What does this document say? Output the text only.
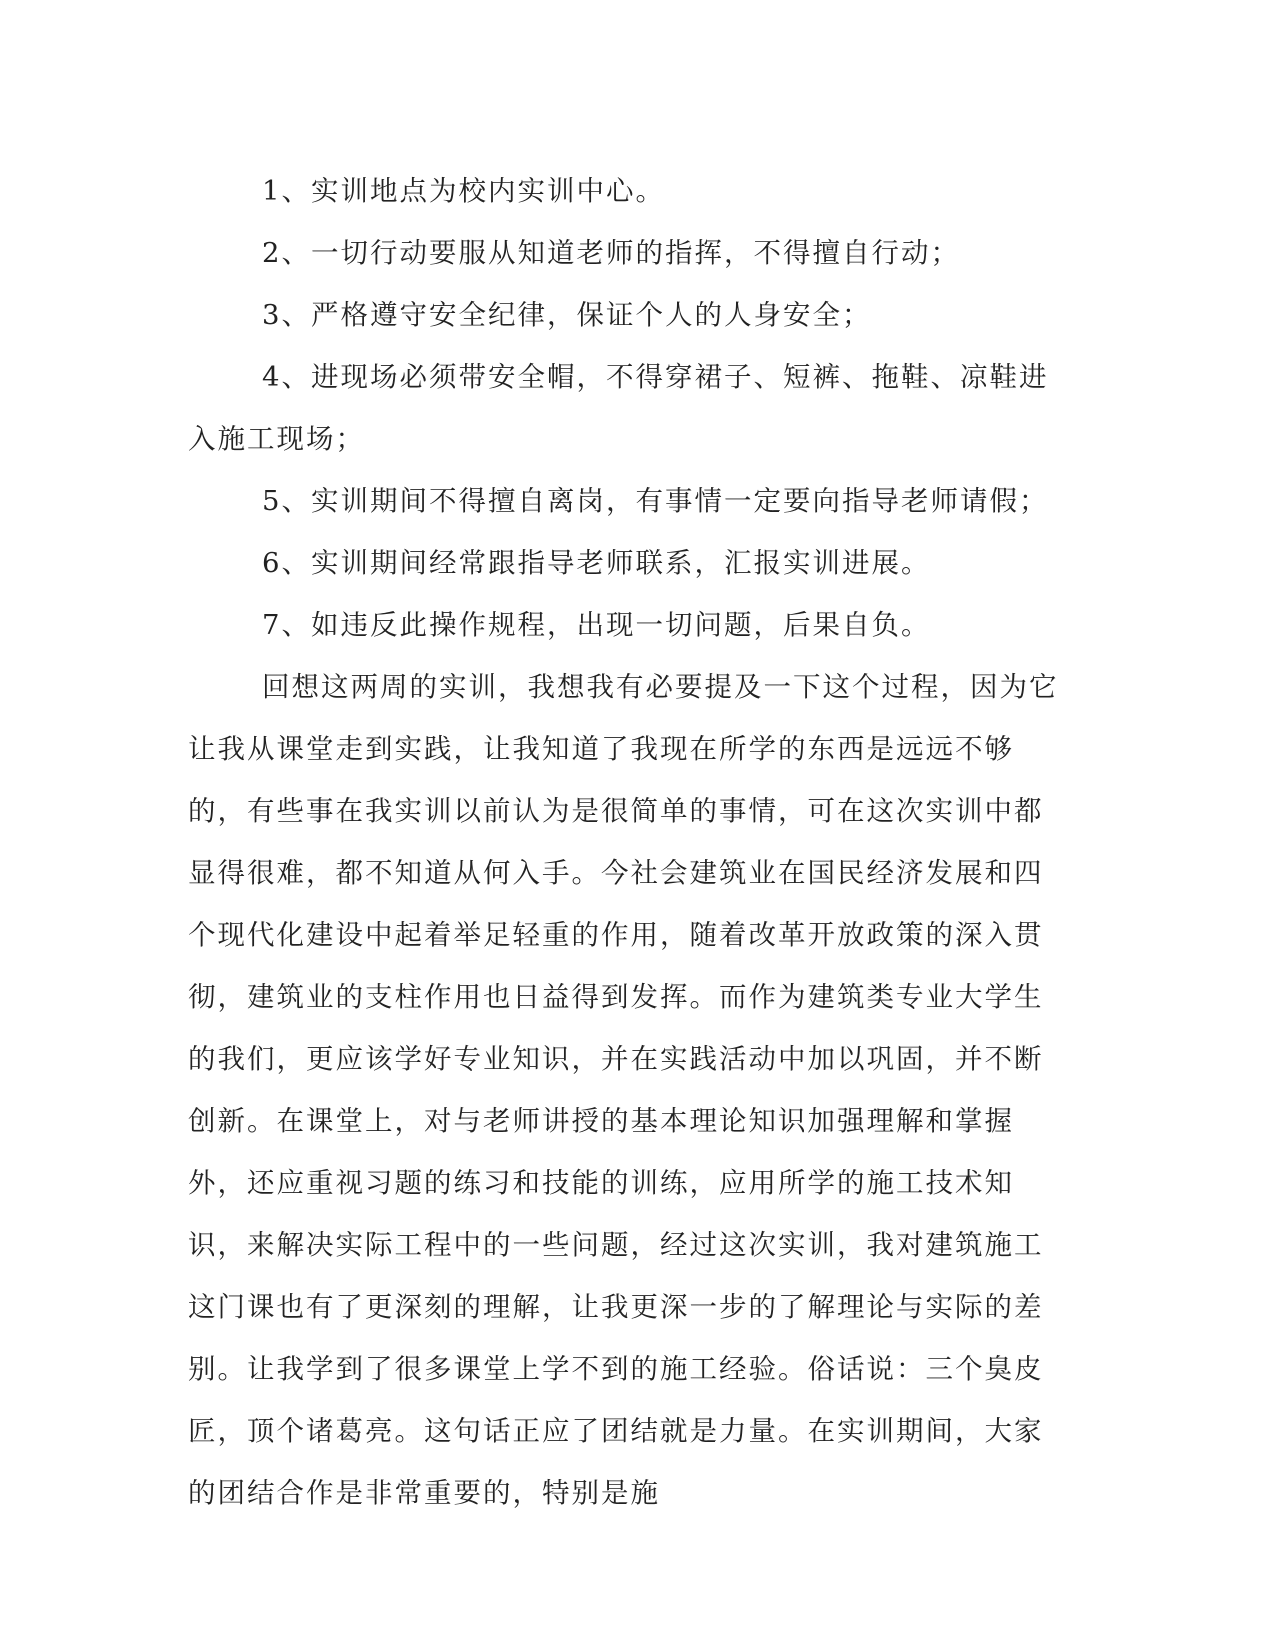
1、实训地点为校内实训中心。

2、一切行动要服从知道老师的指挥，不得擅自行动；

3、严格遵守安全纪律，保证个人的人身安全；

4、进现场必须带安全帽，不得穿裙子、短裤、拖鞋、凉鞋进入施工现场；

5、实训期间不得擅自离岗，有事情一定要向指导老师请假；

6、实训期间经常跟指导老师联系，汇报实训进展。

7、如违反此操作规程，出现一切问题，后果自负。

回想这两周的实训，我想我有必要提及一下这个过程，因为它让我从课堂走到实践，让我知道了我现在所学的东西是远远不够的，有些事在我实训以前认为是很简单的事情，可在这次实训中都显得很难，都不知道从何入手。今社会建筑业在国民经济发展和四个现代化建设中起着举足轻重的作用，随着改革开放政策的深入贯彻，建筑业的支柱作用也日益得到发挥。而作为建筑类专业大学生的我们，更应该学好专业知识，并在实践活动中加以巩固，并不断创新。在课堂上，对与老师讲授的基本理论知识加强理解和掌握外，还应重视习题的练习和技能的训练，应用所学的施工技术知识，来解决实际工程中的一些问题，经过这次实训，我对建筑施工这门课也有了更深刻的理解，让我更深一步的了解理论与实际的差别。让我学到了很多课堂上学不到的施工经验。俗话说：三个臭皮匠，顶个诸葛亮。这句话正应了团结就是力量。在实训期间，大家的团结合作是非常重要的，特别是施
